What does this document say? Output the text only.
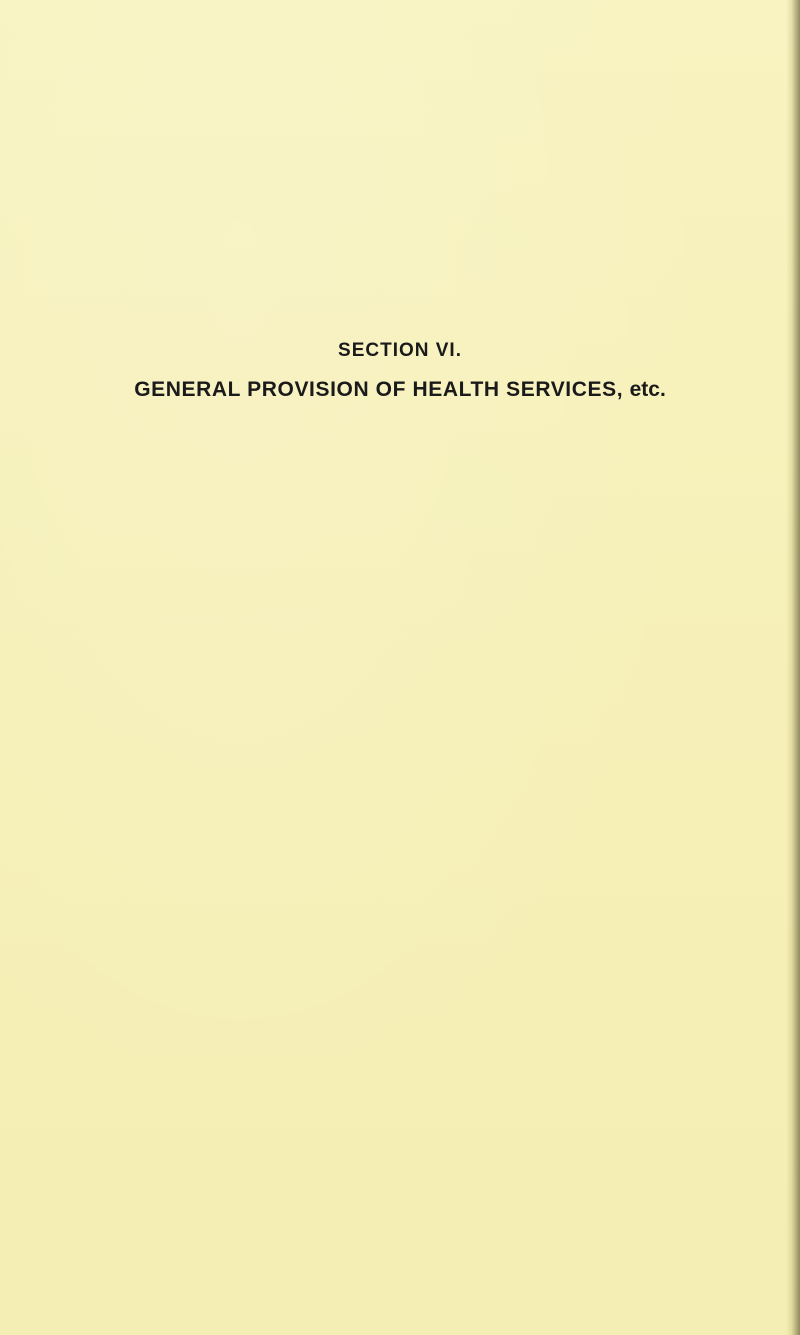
SECTION VI.
GENERAL PROVISION OF HEALTH SERVICES, etc.
